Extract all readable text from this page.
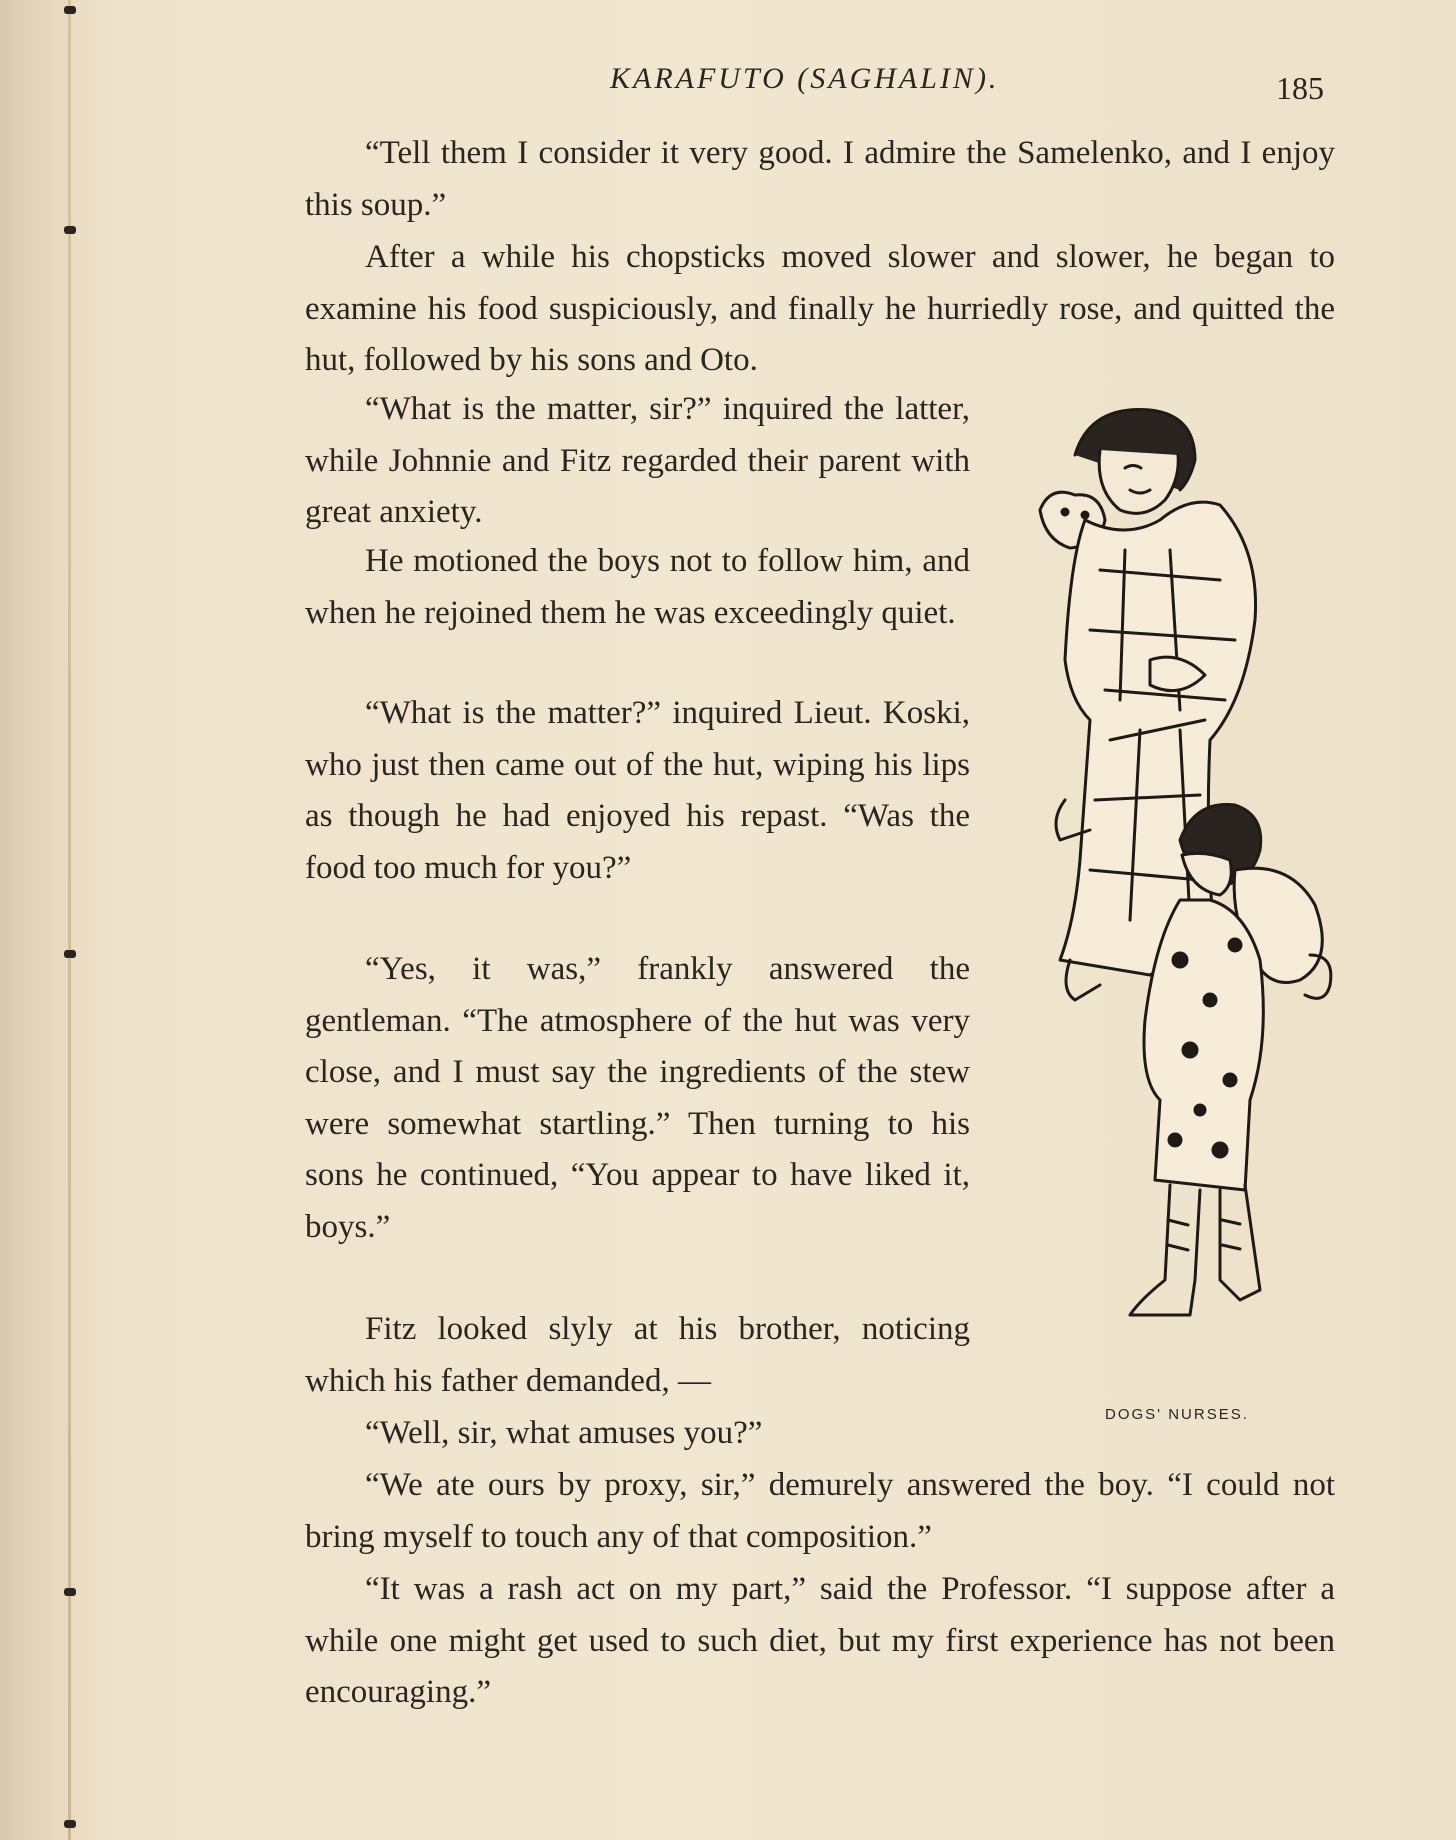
KARAFUTO (SAGHALIN).	185

“Tell them I consider it very good. I admire the Samelenko, and I enjoy this soup.”

After a while his chopsticks moved slower and slower, he began to examine his food suspiciously, and finally he hurriedly rose, and quitted the hut, followed by his sons and Oto.

“What is the matter, sir?” inquired the latter, while Johnnie and Fitz regarded their parent with great anxiety.

He motioned the boys not to follow him, and when he rejoined them he was exceedingly quiet.

“What is the matter?” inquired Lieut. Koski, who just then came out of the hut, wiping his lips as though he had enjoyed his repast. “Was the food too much for you?”

“Yes, it was,” frankly answered the gentleman. “The atmosphere of the hut was very close, and I must say the ingredients of the stew were somewhat startling.” Then turning to his sons he continued, “You appear to have liked it, boys.”

Fitz looked slyly at his brother, noticing which his father demanded, —

“Well, sir, what amuses you?”

“We ate ours by proxy, sir,” demurely answered the boy. “I could not bring myself to touch any of that composition.”

“It was a rash act on my part,” said the Professor. “I suppose after a while one might get used to such diet, but my first experience has not been encouraging.”

DOGS' NURSES.
